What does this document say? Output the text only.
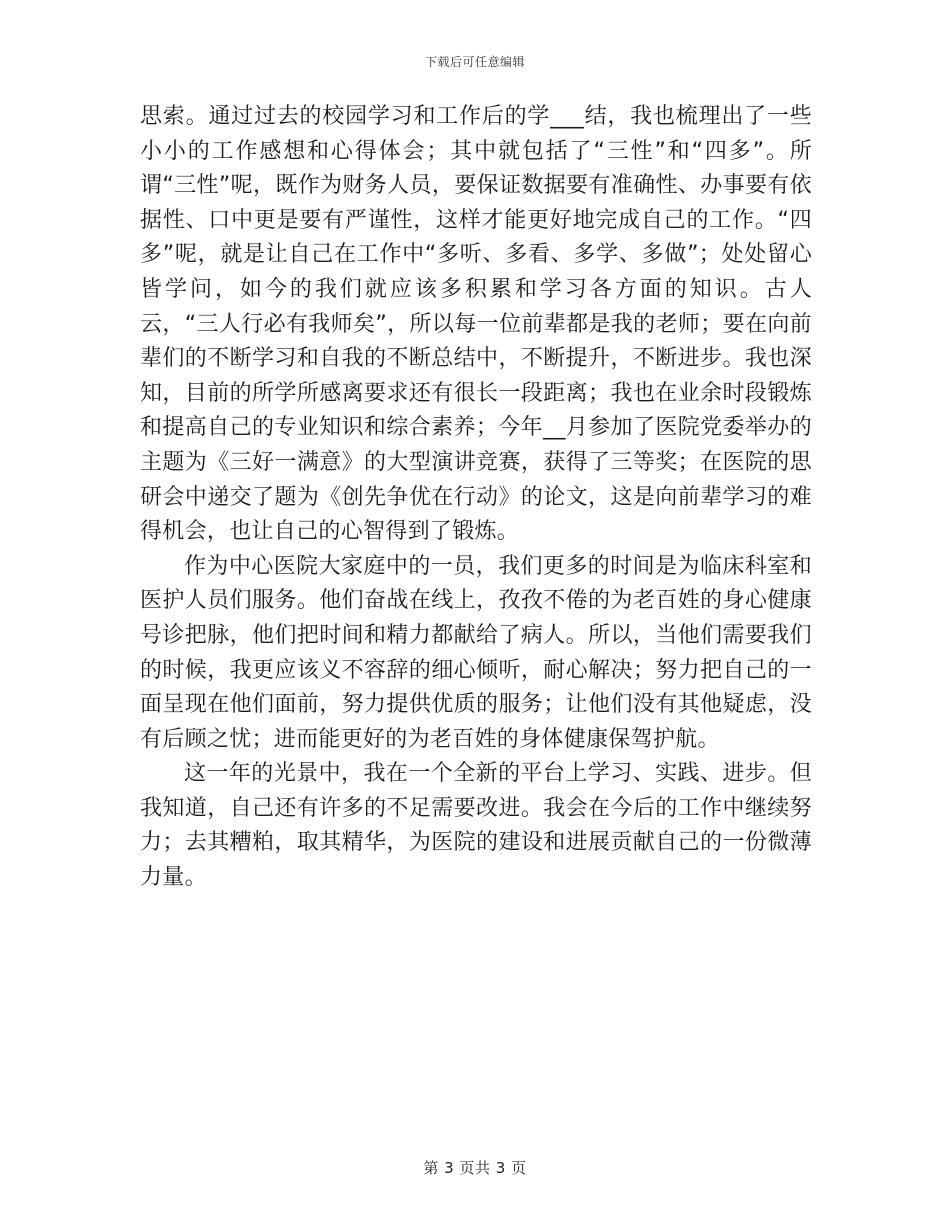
下载后可任意编辑

思索。通过过去的校园学习和工作后的学___结，我也梳理出了一些小小的工作感想和心得体会；其中就包括了“三性”和“四多”。所谓“三性”呢，既作为财务人员，要保证数据要有准确性、办事要有依据性、口中更是要有严谨性，这样才能更好地完成自己的工作。“四多”呢，就是让自己在工作中“多听、多看、多学、多做”；处处留心皆学问，如今的我们就应该多积累和学习各方面的知识。古人云，“三人行必有我师矣”，所以每一位前辈都是我的老师；要在向前辈们的不断学习和自我的不断总结中，不断提升，不断进步。我也深知，目前的所学所感离要求还有很长一段距离；我也在业余时段锻炼和提高自己的专业知识和综合素养；今年__月参加了医院党委举办的主题为《三好一满意》的大型演讲竞赛，获得了三等奖；在医院的思研会中递交了题为《创先争优在行动》的论文，这是向前辈学习的难得机会，也让自己的心智得到了锻炼。

作为中心医院大家庭中的一员，我们更多的时间是为临床科室和医护人员们服务。他们奋战在线上，孜孜不倦的为老百姓的身心健康号诊把脉，他们把时间和精力都献给了病人。所以，当他们需要我们的时候，我更应该义不容辞的细心倾听，耐心解决；努力把自己的一面呈现在他们面前，努力提供优质的服务；让他们没有其他疑虑，没有后顾之忧；进而能更好的为老百姓的身体健康保驾护航。

这一年的光景中，我在一个全新的平台上学习、实践、进步。但我知道，自己还有许多的不足需要改进。我会在今后的工作中继续努力；去其糟粕，取其精华，为医院的建设和进展贡献自己的一份微薄力量。

第 3 页共 3 页
